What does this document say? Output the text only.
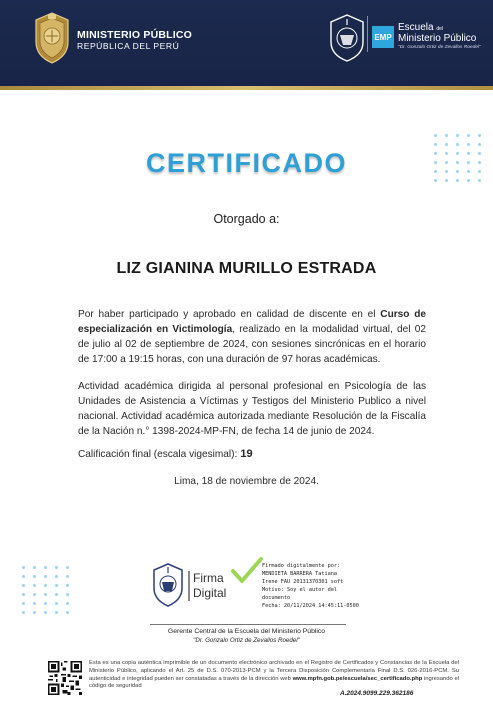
MINISTERIO PÚBLICO
REPÚBLICA DEL PERÚ
EMP
Escuela del
Ministerio Público
"Dr. Gonzalo Ortiz de Zevallos Roedel"
CERTIFICADO
Otorgado a:
LIZ GIANINA MURILLO ESTRADA
Por haber participado y aprobado en calidad de discente en el Curso de especialización en Victimología, realizado en la modalidad virtual, del 02 de julio al 02 de septiembre de 2024, con sesiones sincrónicas en el horario de 17:00 a 19:15 horas, con una duración de 97 horas académicas.
Actividad académica dirigida al personal profesional en Psicología de las Unidades de Asistencia a Víctimas y Testigos del Ministerio Publico a nivel nacional. Actividad académica autorizada mediante Resolución de la Fiscalía de la Nación n.° 1398-2024-MP-FN, de fecha 14 de junio de 2024.
Calificación final (escala vigesimal): 19
Lima, 18 de noviembre de 2024.
Firma
Digital
Firmado digitalmente por:
MENDIETA BARRERA Tatiana
Irene FAU 20131370301 soft
Motivo: Soy el autor del
documento
Fecha: 20/11/2024 14:45:11-0500
Gerente Central de la Escuela del Ministerio Público
"Dr. Gonzalo Ortiz de Zevallos Roedel"
Esta es una copia auténtica imprimible de un documento electrónico archivado en el Registro de Certificados y Constancias de la Escuela del Ministerio Público, aplicando el Art. 25 de D.S. 070-2013-PCM y la Tercera Disposición Complementaria Final D.S. 026-2016-PCM. Su autenticidad e integridad pueden ser constatadas a través de la dirección web www.mpfn.gob.pe/escuela/sec_certificado.php ingresando el código de seguridad
A.2024.9099.229.362186
